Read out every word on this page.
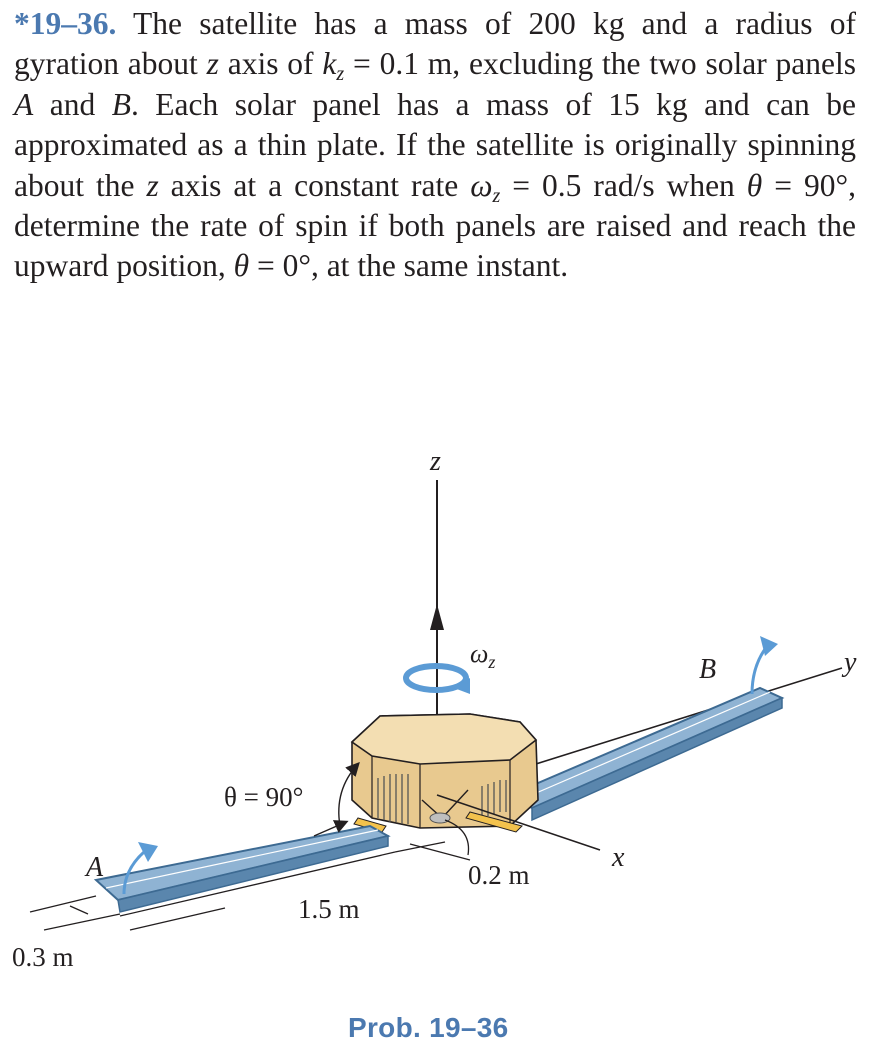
*19–36. The satellite has a mass of 200 kg and a radius of gyration about z axis of $k_z = 0.1$ m, excluding the two solar panels A and B. Each solar panel has a mass of 15 kg and can be approximated as a thin plate. If the satellite is originally spinning about the z axis at a constant rate $\omega_z = 0.5$ rad/s when θ = 90°, determine the rate of spin if both panels are raised and reach the upward position, θ = 0°, at the same instant.
z
$\omega_z$	y
B
x
θ = 90°
A	0.2 m
1.5 m
0.3 m
Prob. 19–36
